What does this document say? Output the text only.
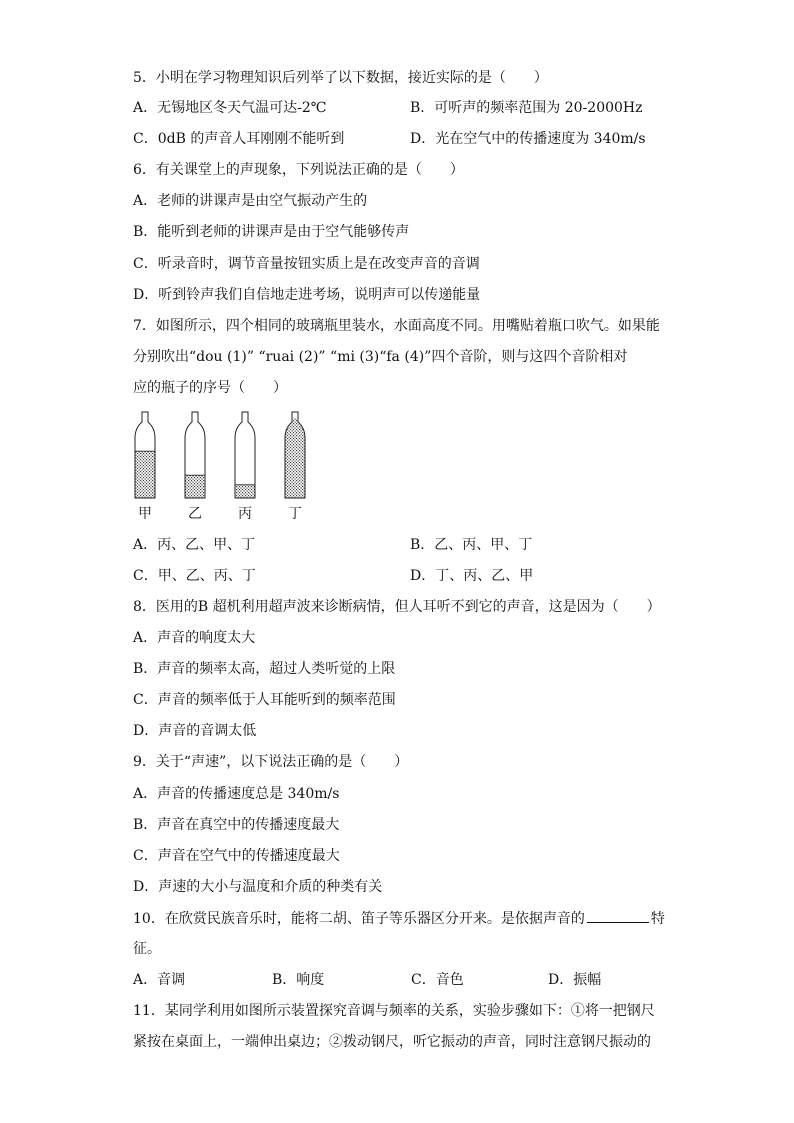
5．小明在学习物理知识后列举了以下数据，接近实际的是（　　）
A．无锡地区冬天气温可达-2℃	B．可听声的频率范围为 20-2000Hz
C．0dB 的声音人耳刚刚不能听到	D．光在空气中的传播速度为 340m/s
6．有关课堂上的声现象，下列说法正确的是（　　）
A．老师的讲课声是由空气振动产生的
B．能听到老师的讲课声是由于空气能够传声
C．听录音时，调节音量按钮实质上是在改变声音的音调
D．听到铃声我们自信地走进考场，说明声可以传递能量
7．如图所示，四个相同的玻璃瓶里装水，水面高度不同。用嘴贴着瓶口吹气。如果能
分别吹出“dou (1)” “ruai (2)” “mi (3)“fa (4)”四个音阶，则与这四个音阶相对
应的瓶子的序号（　　）
甲	乙	丙	丁
A．丙、乙、甲、丁	B．乙、丙、甲、丁
C．甲、乙、丙、丁	D．丁、丙、乙、甲
8．医用的B 超机利用超声波来诊断病情，但人耳听不到它的声音，这是因为（　　）
A．声音的响度太大
B．声音的频率太高，超过人类听觉的上限
C．声音的频率低于人耳能听到的频率范围
D．声音的音调太低
9．关于“声速”，以下说法正确的是（　　）
A．声音的传播速度总是 340m/s
B．声音在真空中的传播速度最大
C．声音在空气中的传播速度最大
D．声速的大小与温度和介质的种类有关
10．在欣赏民族音乐时，能将二胡、笛子等乐器区分开来。是依据声音的	特
征。
A．音调	B．响度	C．音色	D．振幅
11．某同学利用如图所示装置探究音调与频率的关系，实验步骤如下：①将一把钢尺
紧按在桌面上，一端伸出桌边；②拨动钢尺，听它振动的声音，同时注意钢尺振动的
